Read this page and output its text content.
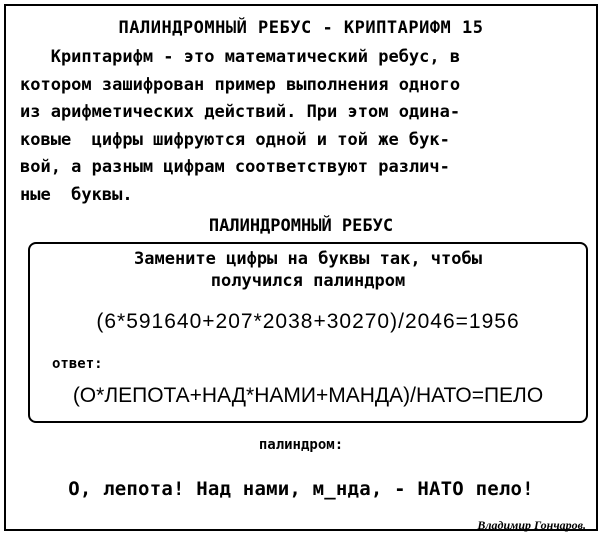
ПАЛИНДРОМНЫЙ РЕБУС - КРИПТАРИФМ 15
Криптарифм - это математический ребус, в
котором зашифрован пример выполнения одного
из арифметических действий. При этом одина-
ковые  цифры шифруются одной и той же бук-
вой, а разным цифрам соответствуют различ-
ные  буквы.
ПАЛИНДРОМНЫЙ РЕБУС
Замените цифры на буквы так, чтобы
получился палиндром
(6*591640+207*2038+30270)/2046=1956
ответ:
(О*ЛЕПОТА+НАД*НАМИ+МАНДА)/НАТО=ПЕЛО
палиндром:
О, лепота! Над нами, м_нда, - НАТО пело!
Владимир Гончаров.
